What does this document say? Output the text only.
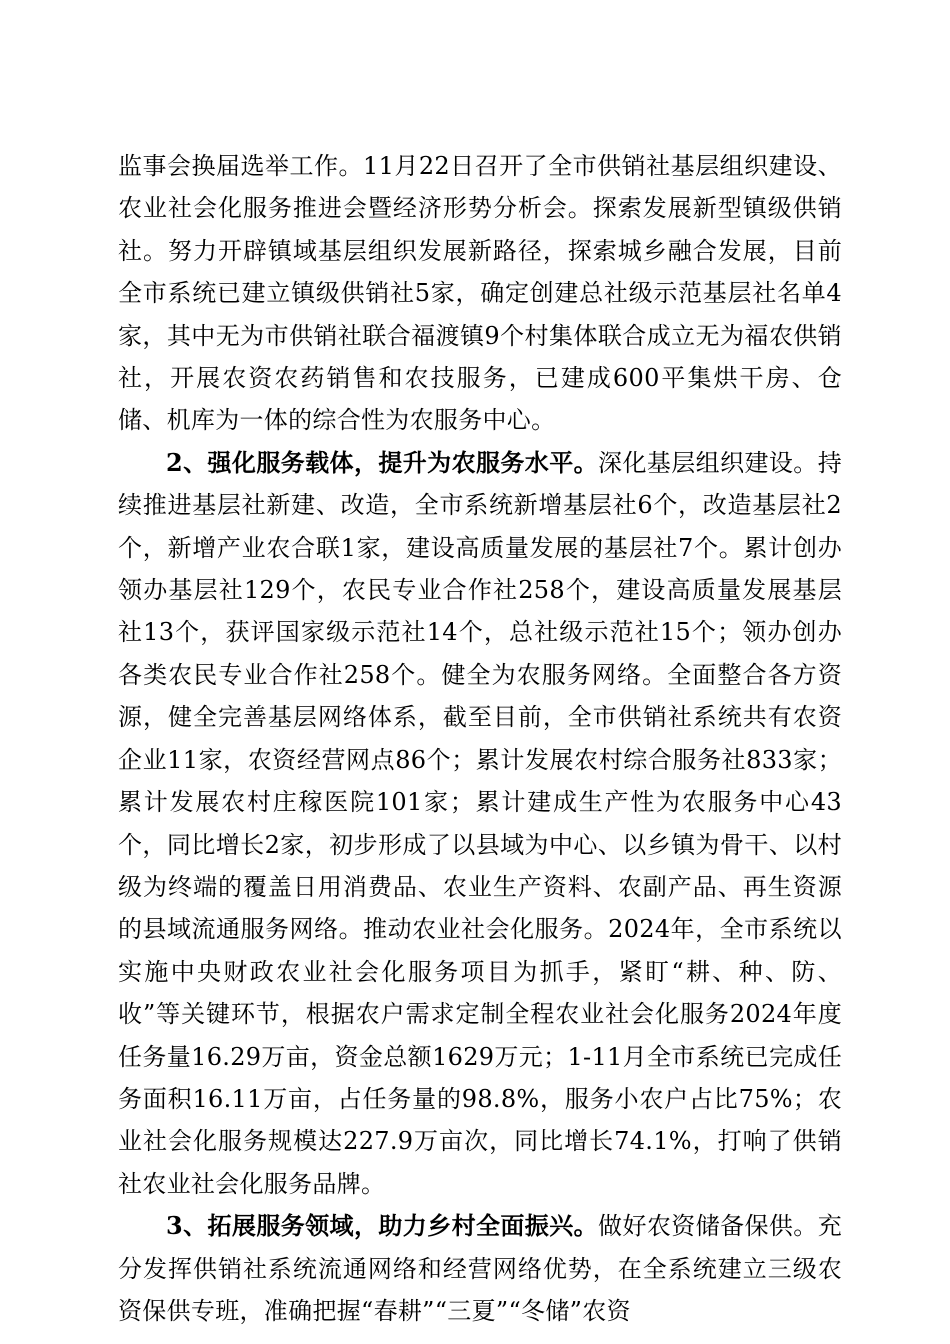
监事会换届选举工作。11月22日召开了全市供销社基层组织建设、农业社会化服务推进会暨经济形势分析会。探索发展新型镇级供销社。努力开辟镇域基层组织发展新路径，探索城乡融合发展，目前全市系统已建立镇级供销社5家，确定创建总社级示范基层社名单4家，其中无为市供销社联合福渡镇9个村集体联合成立无为福农供销社，开展农资农药销售和农技服务，已建成600平集烘干房、仓储、机库为一体的综合性为农服务中心。

2、强化服务载体，提升为农服务水平。深化基层组织建设。持续推进基层社新建、改造，全市系统新增基层社6个，改造基层社2个，新增产业农合联1家，建设高质量发展的基层社7个。累计创办领办基层社129个，农民专业合作社258个，建设高质量发展基层社13个，获评国家级示范社14个，总社级示范社15个；领办创办各类农民专业合作社258个。健全为农服务网络。全面整合各方资源，健全完善基层网络体系，截至目前，全市供销社系统共有农资企业11家，农资经营网点86个；累计发展农村综合服务社833家；累计发展农村庄稼医院101家；累计建成生产性为农服务中心43个，同比增长2家，初步形成了以县域为中心、以乡镇为骨干、以村级为终端的覆盖日用消费品、农业生产资料、农副产品、再生资源的县域流通服务网络。推动农业社会化服务。2024年，全市系统以实施中央财政农业社会化服务项目为抓手，紧盯“耕、种、防、收”等关键环节，根据农户需求定制全程农业社会化服务2024年度任务量16.29万亩，资金总额1629万元；1-11月全市系统已完成任务面积16.11万亩，占任务量的98.8%，服务小农户占比75%；农业社会化服务规模达227.9万亩次，同比增长74.1%，打响了供销社农业社会化服务品牌。

3、拓展服务领域，助力乡村全面振兴。做好农资储备保供。充分发挥供销社系统流通网络和经营网络优势，在全系统建立三级农资保供专班，准确把握“春耕”“三夏”“冬储”农资
